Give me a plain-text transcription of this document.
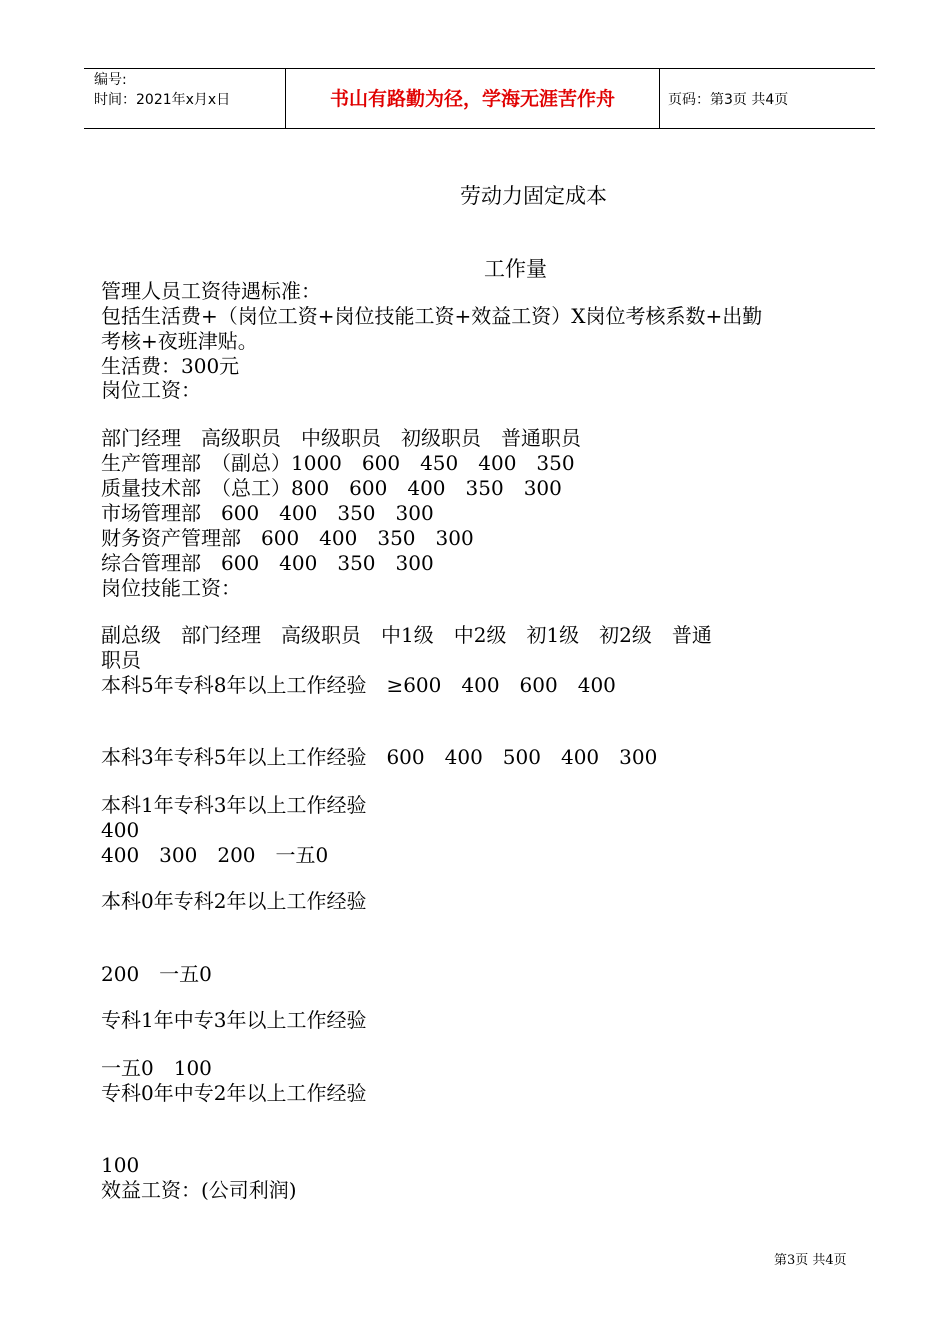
编号:
时间：2021年x月x日	书山有路勤为径，学海无涯苦作舟	页码：第3页 共4页
劳动力固定成本
工作量
管理人员工资待遇标准：
包括生活费+（岗位工资+岗位技能工资+效益工资）X岗位考核系数+出勤
考核+夜班津贴。
生活费：300元
岗位工资：
部门经理　高级职员　中级职员　初级职员　普通职员
生产管理部　（副总）1000　600　450　400　350
质量技术部　（总工）800　600　400　350　300
市场管理部　600　400　350　300
财务资产管理部　600　400　350　300
综合管理部　600　400　350　300
岗位技能工资：
副总级　部门经理　高级职员　中1级　中2级　初1级　初2级　普通
职员
本科5年专科8年以上工作经验　≥600　400　600　400
本科3年专科5年以上工作经验　600　400　500　400　300
本科1年专科3年以上工作经验
400
400　300　200　一五0
本科0年专科2年以上工作经验
200　一五0
专科1年中专3年以上工作经验
一五0　100
专科0年中专2年以上工作经验
100
效益工资：(公司利润)
第3页 共4页
